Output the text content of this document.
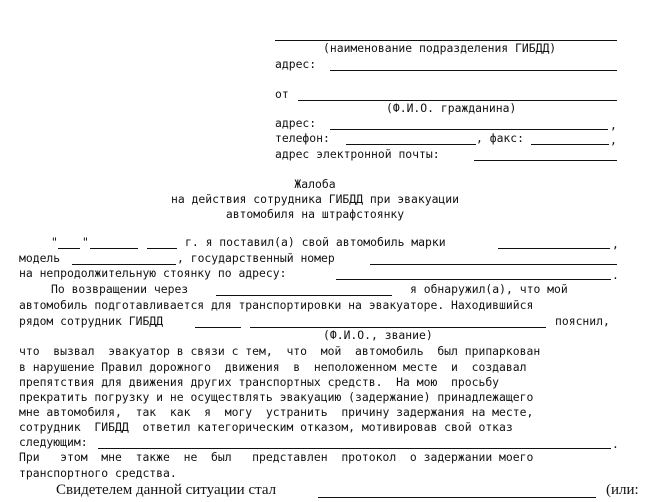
(наименование подразделения ГИБДД)
адрес:
от
(Ф.И.О. гражданина)
адрес:	,
телефон:	, факс:	,
адрес электронной почты:
Жалоба
на действия сотрудника ГИБДД при эвакуации
автомобиля на штрафстоянку
" "	г. я поставил(а) свой автомобиль марки	,
модель	, государственный номер
на непродолжительную стоянку по адресу:	.
По возвращении через	я обнаружил(а), что мой
автомобиль подготавливается для транспортировки на эвакуаторе. Находившийся
рядом сотрудник ГИБДД	пояснил,
(Ф.И.О., звание)
что  вызвал  эвакуатор в связи с тем,  что  мой  автомобиль  был припаркован
в нарушение Правил дорожного  движения  в  неположенном месте  и  создавал
препятствия для движения других транспортных средств.  На мою  просьбу
прекратить погрузку и не осуществлять эвакуацию (задержание) принадлежащего
мне автомобиля,  так  как  я  могу  устранить  причину задержания на месте,
сотрудник  ГИБДД  ответил категорическим отказом, мотивировав свой отказ
следующим:	.
При   этом  мне  также  не  был   представлен  протокол  о задержании моего
транспортного средства.
Свидетелем данной ситуации стал	(или:
